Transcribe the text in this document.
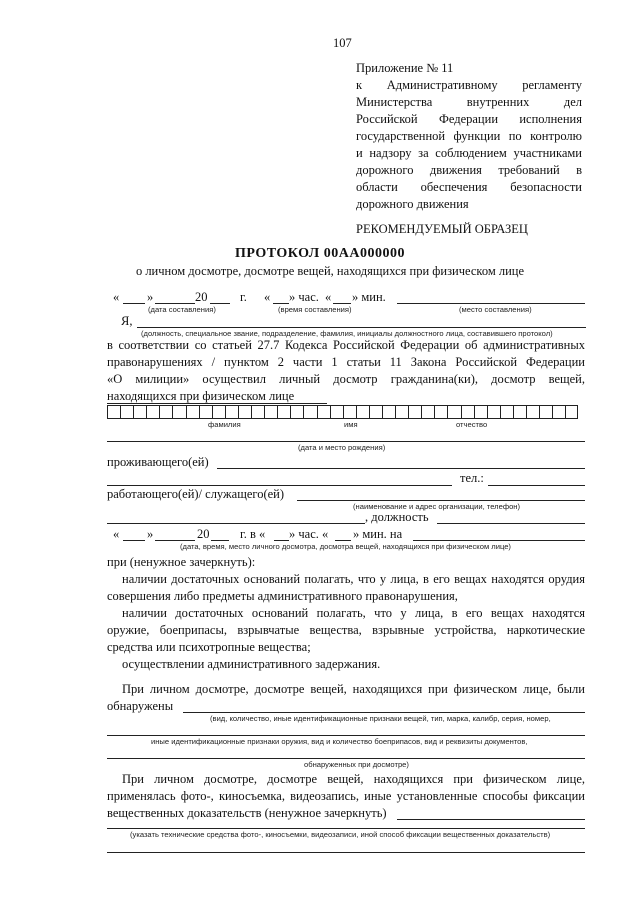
107
Приложение № 11
к Административному регламенту
Министерства внутренних дел
Российской Федерации исполнения
государственной функции по контролю
и надзору за соблюдением участниками
дорожного движения требований в
области обеспечения безопасности
дорожного движения
РЕКОМЕНДУЕМЫЙ ОБРАЗЕЦ
ПРОТОКОЛ 00АА000000
о личном досмотре, досмотре вещей, находящихся при физическом лице
« »	20	г. « » час. « » мин.
(дата составления)	(время составления)	(место составления)
Я,
(должность, специальное звание, подразделение, фамилия, инициалы должностного лица, составившего протокол)
в соответствии со статьей 27.7 Кодекса Российской Федерации об административных
правонарушениях / пунктом 2 части 1 статьи 11 Закона Российской Федерации
«О милиции» осуществил личный досмотр гражданина(ки), досмотр вещей,
находящихся при физическом лице
фамилия	имя	отчество
(дата и место рождения)
проживающего(ей)
тел.:
работающего(ей)/ служащего(ей)
(наименование и адрес организации, телефон)
, должность
« »	20 г. в « » час. « » мин. на
(дата, время, место личного досмотра, досмотра вещей, находящихся при физическом лице)
при (ненужное зачеркнуть):
наличии достаточных оснований полагать, что у лица, в его вещах находятся орудия
совершения либо предметы административного правонарушения,
наличии достаточных оснований полагать, что у лица, в его вещах находятся
оружие, боеприпасы, взрывчатые вещества, взрывные устройства, наркотические
средства или психотропные вещества;
осуществлении административного задержания.
При личном досмотре, досмотре вещей, находящихся при физическом лице, были
обнаружены
(вид, количество, иные идентификационные признаки вещей, тип, марка, калибр, серия, номер,
иные идентификационные признаки оружия, вид и количество боеприпасов, вид и реквизиты документов,
обнаруженных при досмотре)
При личном досмотре, досмотре вещей, находящихся при физическом лице,
применялась фото-, киносъемка, видеозапись, иные установленные способы фиксации
вещественных доказательств (ненужное зачеркнуть)
(указать технические средства фото-, киносъемки, видеозаписи, иной способ фиксации вещественных доказательств)
